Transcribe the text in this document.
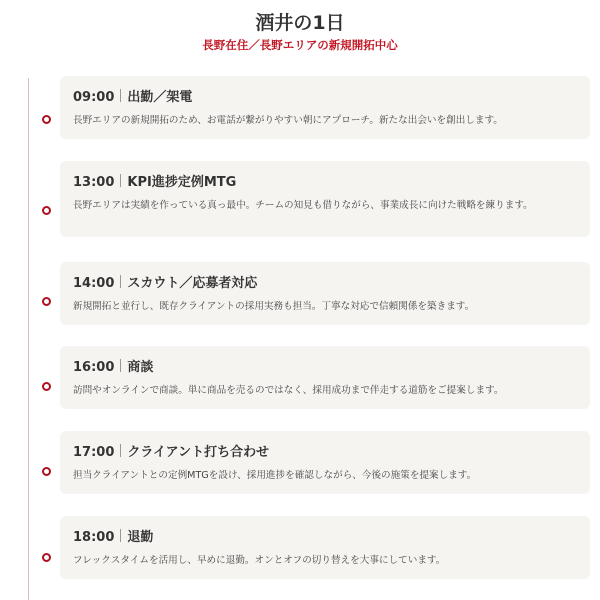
酒井の1日
長野在住／長野エリアの新規開拓中心
09:00 出勤／架電
長野エリアの新規開拓のため、お電話が繋がりやすい朝にアプローチ。新たな出会いを創出します。
13:00 KPI進捗定例MTG
長野エリアは実績を作っている真っ最中。チームの知見も借りながら、事業成長に向けた戦略を練ります。
14:00 スカウト／応募者対応
新規開拓と並行し、既存クライアントの採用実務も担当。丁寧な対応で信頼関係を築きます。
16:00 商談
訪問やオンラインで商談。単に商品を売るのではなく、採用成功まで伴走する道筋をご提案します。
17:00 クライアント打ち合わせ
担当クライアントとの定例MTGを設け、採用進捗を確認しながら、今後の施策を提案します。
18:00 退勤
フレックスタイムを活用し、早めに退勤。オンとオフの切り替えを大事にしています。
